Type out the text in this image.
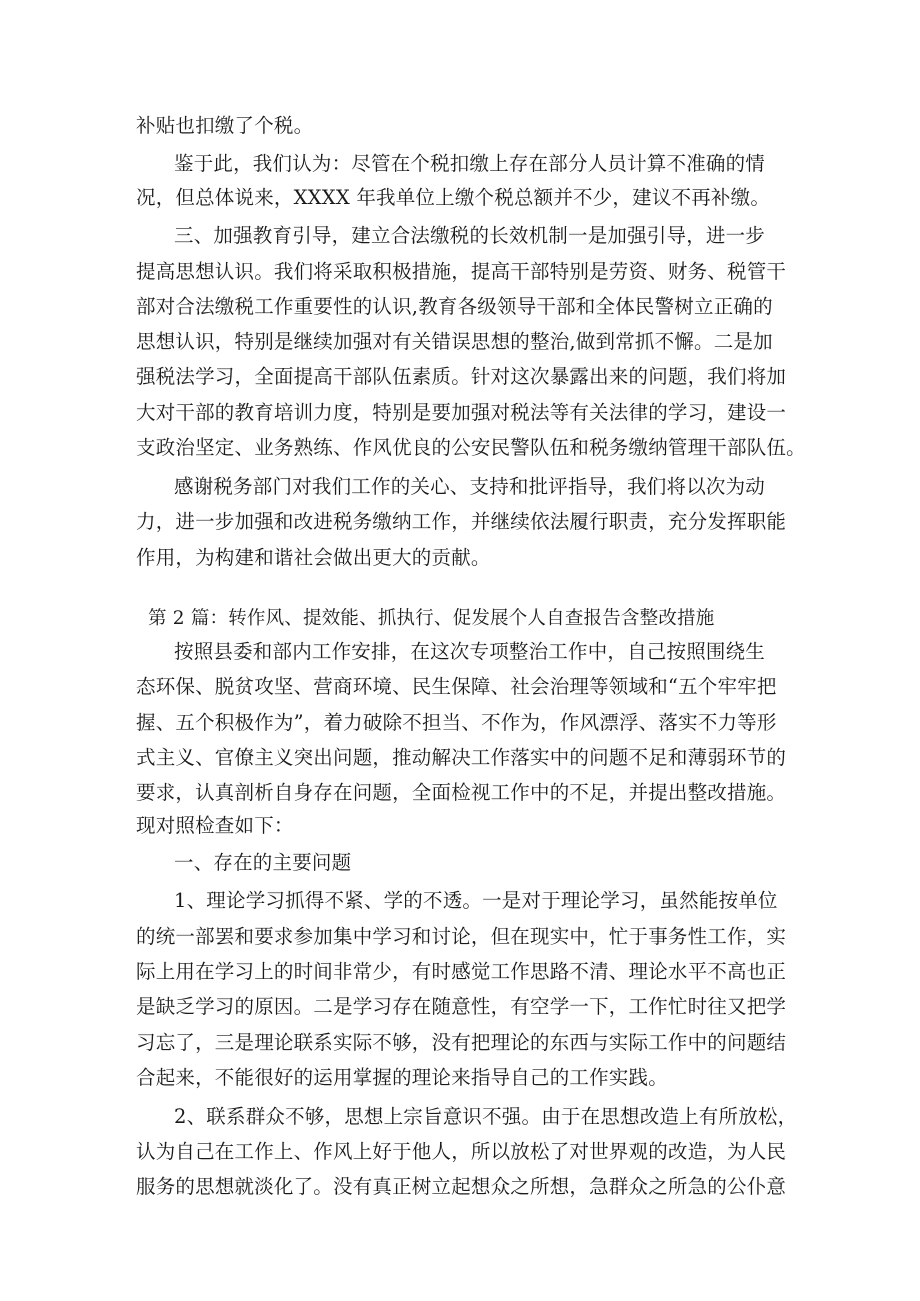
补贴也扣缴了个税。
鉴于此，我们认为：尽管在个税扣缴上存在部分人员计算不准确的情
况，但总体说来，XXXX 年我单位上缴个税总额并不少，建议不再补缴。
三、加强教育引导，建立合法缴税的长效机制一是加强引导，进一步
提高思想认识。我们将采取积极措施，提高干部特别是劳资、财务、税管干
部对合法缴税工作重要性的认识,教育各级领导干部和全体民警树立正确的
思想认识，特别是继续加强对有关错误思想的整治,做到常抓不懈。二是加
强税法学习，全面提高干部队伍素质。针对这次暴露出来的问题，我们将加
大对干部的教育培训力度，特别是要加强对税法等有关法律的学习，建设一
支政治坚定、业务熟练、作风优良的公安民警队伍和税务缴纳管理干部队伍。
感谢税务部门对我们工作的关心、支持和批评指导，我们将以次为动
力，进一步加强和改进税务缴纳工作，并继续依法履行职责，充分发挥职能
作用，为构建和谐社会做出更大的贡献。
第 2 篇：转作风、提效能、抓执行、促发展个人自查报告含整改措施
按照县委和部内工作安排，在这次专项整治工作中，自己按照围绕生
态环保、脱贫攻坚、营商环境、民生保障、社会治理等领域和“五个牢牢把
握、五个积极作为”，着力破除不担当、不作为，作风漂浮、落实不力等形
式主义、官僚主义突出问题，推动解决工作落实中的问题不足和薄弱环节的
要求，认真剖析自身存在问题，全面检视工作中的不足，并提出整改措施。
现对照检查如下：
一、存在的主要问题
1、理论学习抓得不紧、学的不透。一是对于理论学习，虽然能按单位
的统一部罢和要求参加集中学习和讨论，但在现实中，忙于事务性工作，实
际上用在学习上的时间非常少，有时感觉工作思路不清、理论水平不高也正
是缺乏学习的原因。二是学习存在随意性，有空学一下，工作忙时往又把学
习忘了，三是理论联系实际不够，没有把理论的东西与实际工作中的问题结
合起来，不能很好的运用掌握的理论来指导自己的工作实践。
2、联系群众不够，思想上宗旨意识不强。由于在思想改造上有所放松，
认为自己在工作上、作风上好于他人，所以放松了对世界观的改造，为人民
服务的思想就淡化了。没有真正树立起想众之所想，急群众之所急的公仆意
